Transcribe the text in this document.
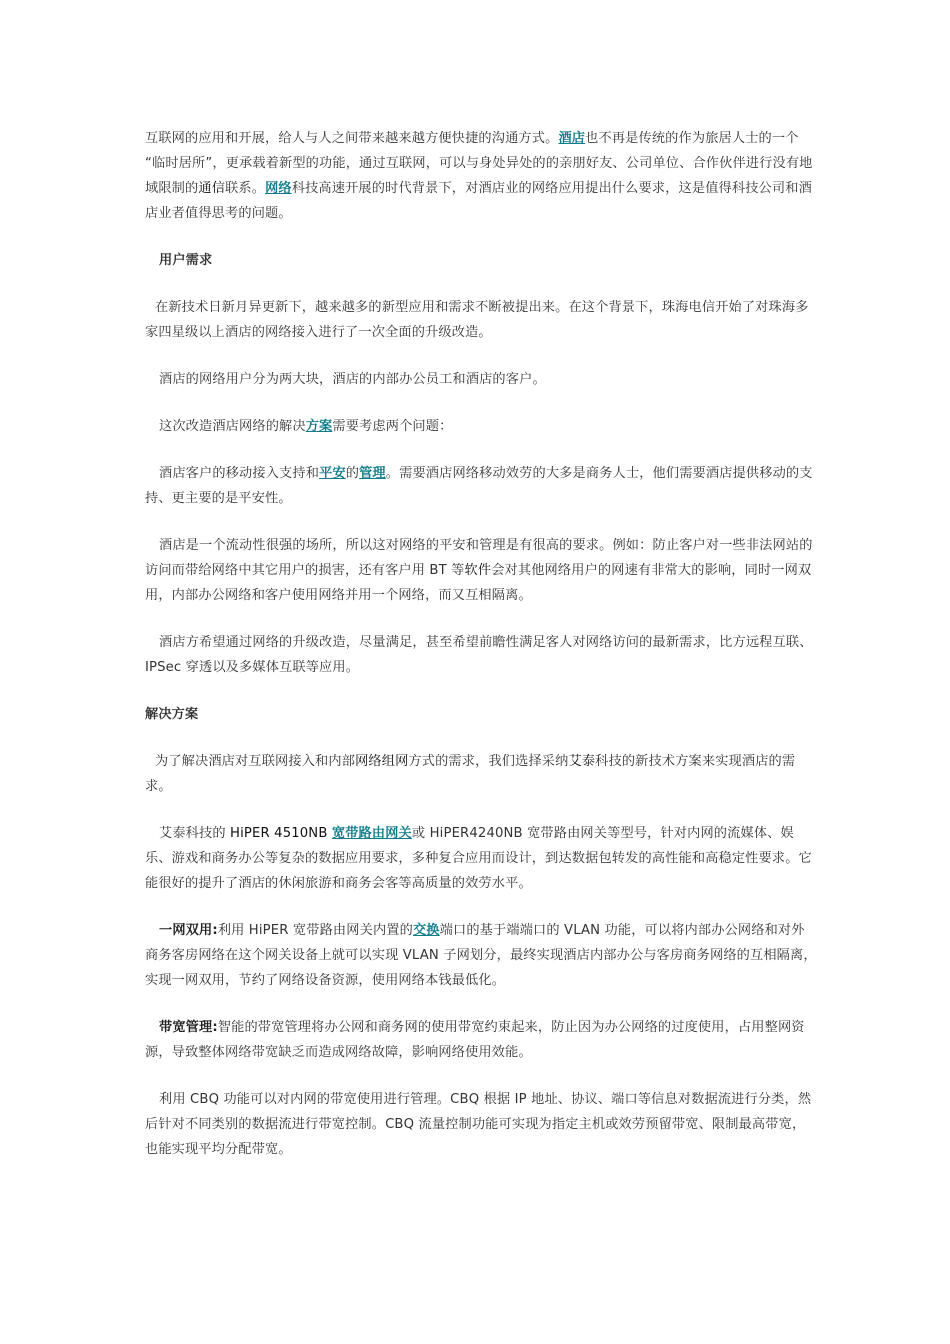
互联网的应用和开展，给人与人之间带来越来越方便快捷的沟通方式。酒店也不再是传统的作为旅居人士的一个 “临时居所”，更承载着新型的功能，通过互联网，可以与身处异处的的亲朋好友、公司单位、合作伙伴进行没有地域限制的通信联系。网络科技高速开展的时代背景下，对酒店业的网络应用提出什么要求，这是值得科技公司和酒店业者值得思考的问题。

用户需求

在新技术日新月异更新下，越来越多的新型应用和需求不断被提出来。在这个背景下，珠海电信开始了对珠海多家四星级以上酒店的网络接入进行了一次全面的升级改造。

酒店的网络用户分为两大块，酒店的内部办公员工和酒店的客户。

这次改造酒店网络的解决方案需要考虑两个问题：

酒店客户的移动接入支持和平安的管理。需要酒店网络移动效劳的大多是商务人士，他们需要酒店提供移动的支持、更主要的是平安性。

酒店是一个流动性很强的场所，所以这对网络的平安和管理是有很高的要求。例如：防止客户对一些非法网站的访问而带给网络中其它用户的损害，还有客户用 BT 等软件会对其他网络用户的网速有非常大的影响，同时一网双用，内部办公网络和客户使用网络并用一个网络，而又互相隔离。

酒店方希望通过网络的升级改造，尽量满足，甚至希望前瞻性满足客人对网络访问的最新需求，比方远程互联、IPSec 穿透以及多媒体互联等应用。

解决方案

为了解决酒店对互联网接入和内部网络组网方式的需求，我们选择采纳艾泰科技的新技术方案来实现酒店的需求。

艾泰科技的 HiPER 4510NB 宽带路由网关或 HiPER4240NB 宽带路由网关等型号，针对内网的流媒体、娱乐、游戏和商务办公等复杂的数据应用要求，多种复合应用而设计，到达数据包转发的高性能和高稳定性要求。它能很好的提升了酒店的休闲旅游和商务会客等高质量的效劳水平。

一网双用:利用 HiPER 宽带路由网关内置的交换端口的基于端端口的 VLAN 功能，可以将内部办公网络和对外商务客房网络在这个网关设备上就可以实现 VLAN 子网划分，最终实现酒店内部办公与客房商务网络的互相隔离，实现一网双用，节约了网络设备资源，使用网络本钱最低化。

带宽管理:智能的带宽管理将办公网和商务网的使用带宽约束起来，防止因为办公网络的过度使用，占用整网资源，导致整体网络带宽缺乏而造成网络故障，影响网络使用效能。

利用 CBQ 功能可以对内网的带宽使用进行管理。CBQ 根据 IP 地址、协议、端口等信息对数据流进行分类，然后针对不同类别的数据流进行带宽控制。CBQ 流量控制功能可实现为指定主机或效劳预留带宽、限制最高带宽，也能实现平均分配带宽。
